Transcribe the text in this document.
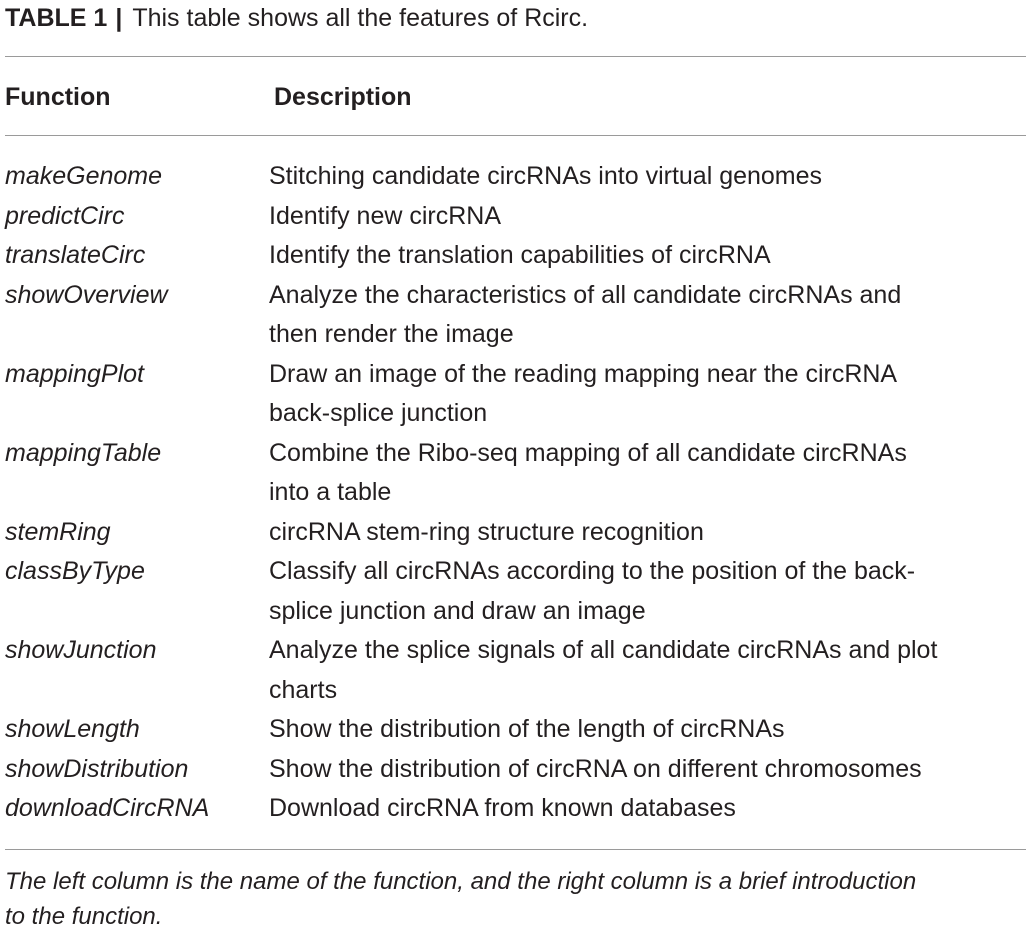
TABLE 1 | This table shows all the features of Rcirc.
Function	Description
makeGenome	Stitching candidate circRNAs into virtual genomes
predictCirc	Identify new circRNA
translateCirc	Identify the translation capabilities of circRNA
showOverview	Analyze the characteristics of all candidate circRNAs and
then render the image
mappingPlot	Draw an image of the reading mapping near the circRNA
back-splice junction
mappingTable	Combine the Ribo-seq mapping of all candidate circRNAs
into a table
stemRing	circRNA stem-ring structure recognition
classByType	Classify all circRNAs according to the position of the back-
splice junction and draw an image
showJunction	Analyze the splice signals of all candidate circRNAs and plot
charts
showLength	Show the distribution of the length of circRNAs
showDistribution	Show the distribution of circRNA on different chromosomes
downloadCircRNA	Download circRNA from known databases
The left column is the name of the function, and the right column is a brief introduction
to the function.
